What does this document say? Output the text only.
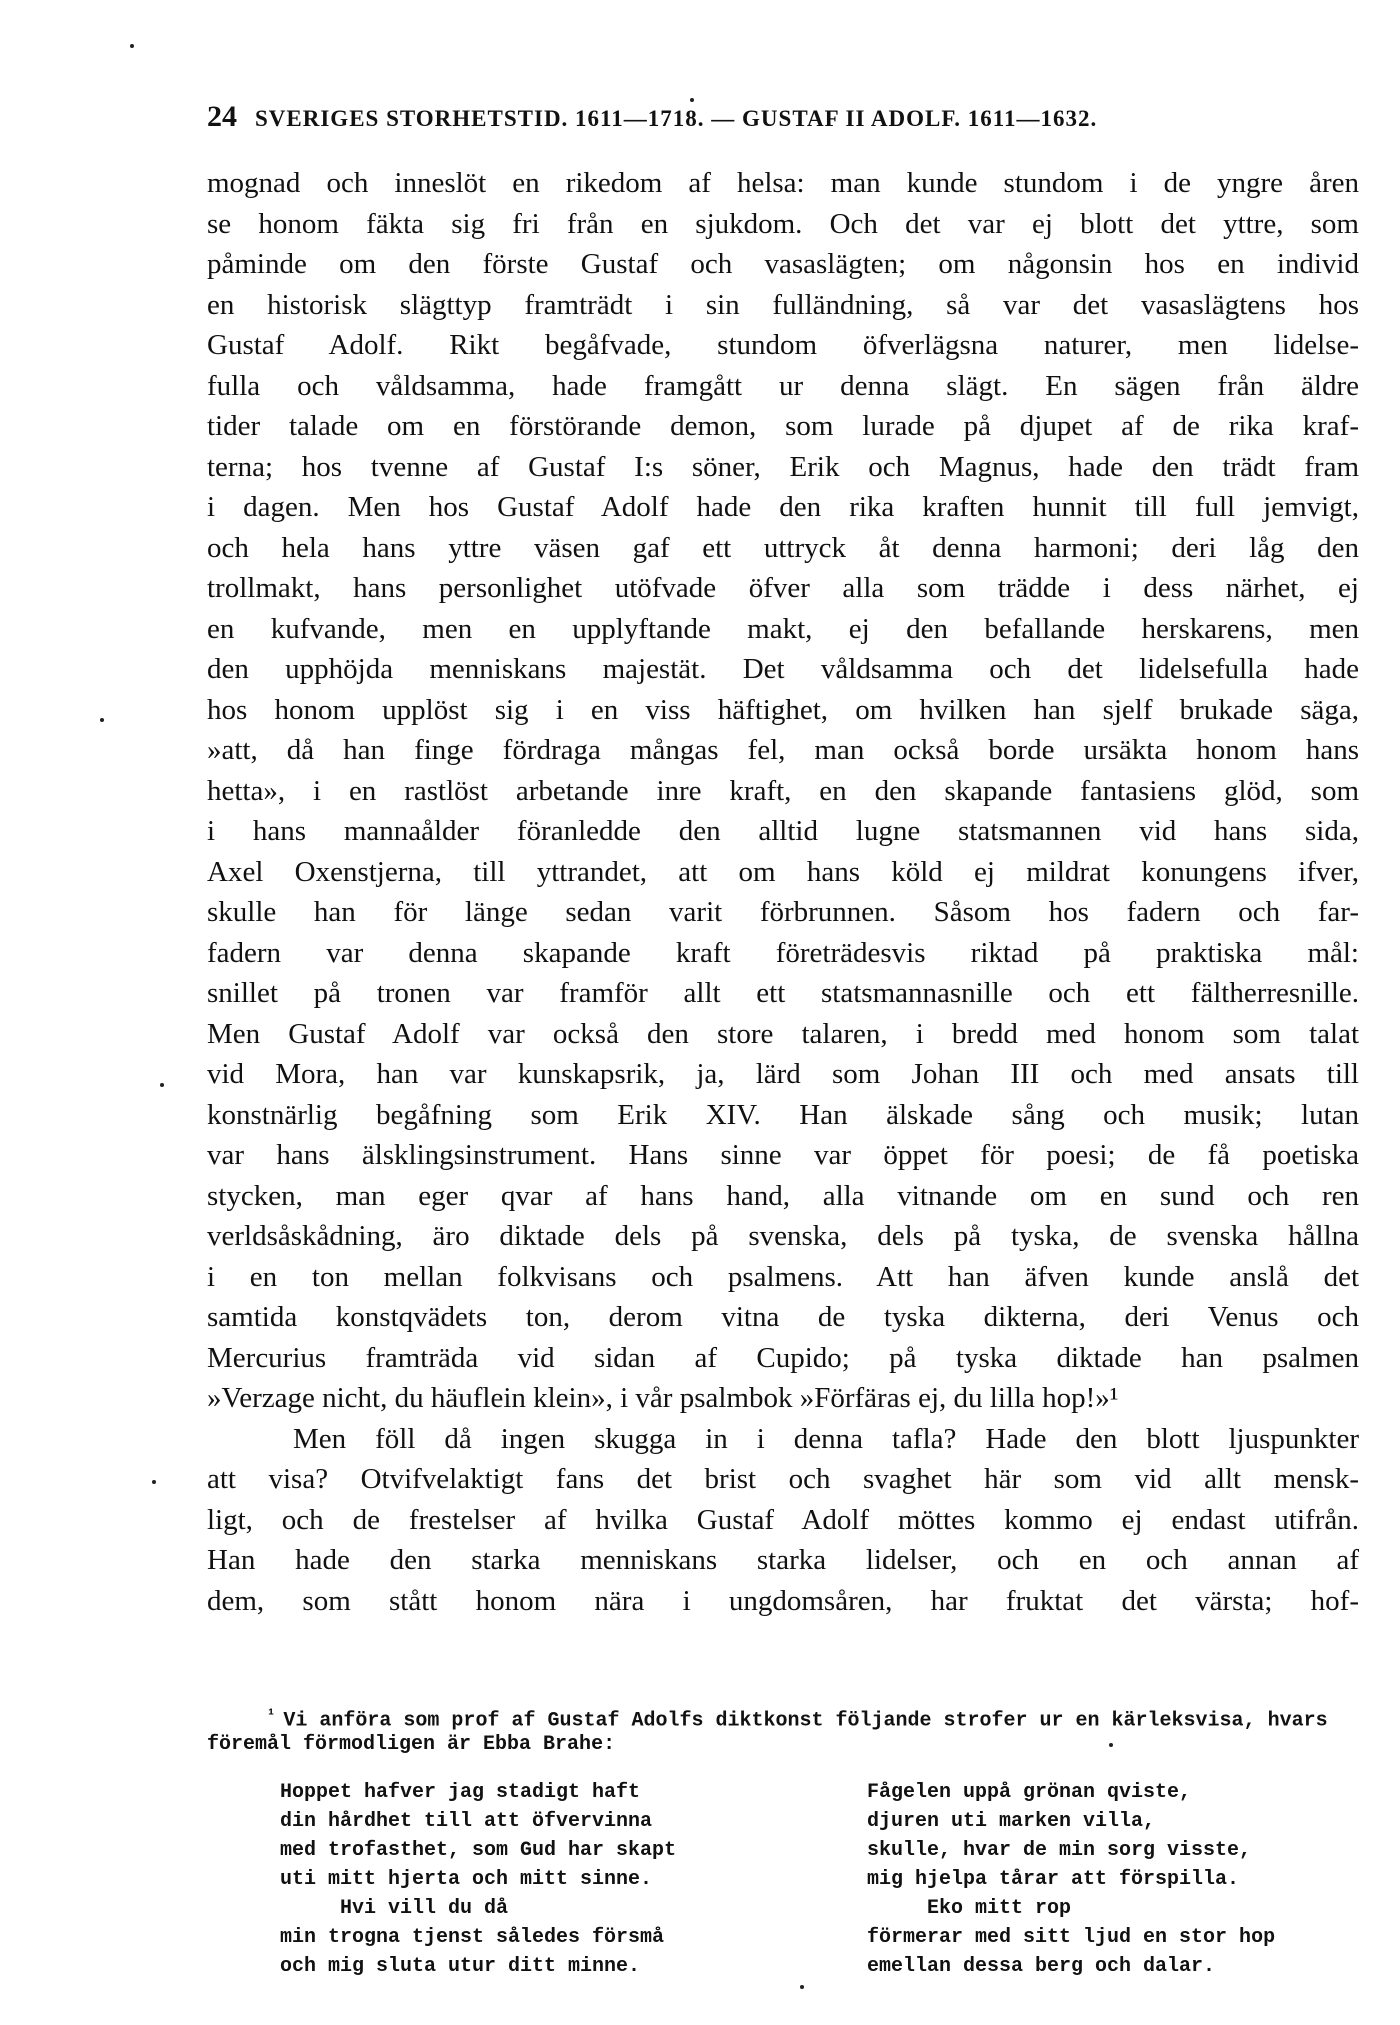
24 SVERIGES STORHETSTID. 1611—1718. — GUSTAF II ADOLF. 1611—1632.
mognad och inneslöt en rikedom af helsa: man kunde stundom i de yngre åren
se honom fäkta sig fri från en sjukdom. Och det var ej blott det yttre, som
påminde om den förste Gustaf och vasaslägten; om någonsin hos en individ
en historisk slägttyp framträdt i sin fulländning, så var det vasaslägtens hos
Gustaf Adolf. Rikt begåfvade, stundom öfverlägsna naturer, men lidelse-
fulla och våldsamma, hade framgått ur denna slägt. En sägen från äldre
tider talade om en förstörande demon, som lurade på djupet af de rika kraf-
terna; hos tvenne af Gustaf I:s söner, Erik och Magnus, hade den trädt fram
i dagen. Men hos Gustaf Adolf hade den rika kraften hunnit till full jemvigt,
och hela hans yttre väsen gaf ett uttryck åt denna harmoni; deri låg den
trollmakt, hans personlighet utöfvade öfver alla som trädde i dess närhet, ej
en kufvande, men en upplyftande makt, ej den befallande herskarens, men
den upphöjda menniskans majestät. Det våldsamma och det lidelsefulla hade
hos honom upplöst sig i en viss häftighet, om hvilken han sjelf brukade säga,
»att, då han finge fördraga mångas fel, man också borde ursäkta honom hans
hetta», i en rastlöst arbetande inre kraft, en den skapande fantasiens glöd, som
i hans mannaålder föranledde den alltid lugne statsmannen vid hans sida,
Axel Oxenstjerna, till yttrandet, att om hans köld ej mildrat konungens ifver,
skulle han för länge sedan varit förbrunnen. Såsom hos fadern och far-
fadern var denna skapande kraft företrädesvis riktad på praktiska mål:
snillet på tronen var framför allt ett statsmannasnille och ett fältherresnille.
Men Gustaf Adolf var också den store talaren, i bredd med honom som talat
vid Mora, han var kunskapsrik, ja, lärd som Johan III och med ansats till
konstnärlig begåfning som Erik XIV. Han älskade sång och musik; lutan
var hans älsklingsinstrument. Hans sinne var öppet för poesi; de få poetiska
stycken, man eger qvar af hans hand, alla vitnande om en sund och ren
verldsåskådning, äro diktade dels på svenska, dels på tyska, de svenska hållna
i en ton mellan folkvisans och psalmens. Att han äfven kunde anslå det
samtida konstqvädets ton, derom vitna de tyska dikterna, deri Venus och
Mercurius framträda vid sidan af Cupido; på tyska diktade han psalmen
»Verzage nicht, du häuflein klein», i vår psalmbok »Förfäras ej, du lilla hop!»¹
Men föll då ingen skugga in i denna tafla? Hade den blott ljuspunkter
att visa? Otvifvelaktigt fans det brist och svaghet här som vid allt mensk-
ligt, och de frestelser af hvilka Gustaf Adolf möttes kommo ej endast utifrån.
Han hade den starka menniskans starka lidelser, och en och annan af
dem, som stått honom nära i ungdomsåren, har fruktat det värsta; hof-
$^{^1}$ Vi anföra som prof af Gustaf Adolfs diktkonst följande strofer ur en kärleksvisa, hvars
föremål förmodligen är Ebba Brahe:
Hoppet hafver jag stadigt haft
din hårdhet till att öfvervinna
med trofasthet, som Gud har skapt
uti mitt hjerta och mitt sinne.
Hvi vill du då
min trogna tjenst således försmå
och mig sluta utur ditt minne.
Fågelen uppå grönan qviste,
djuren uti marken villa,
skulle, hvar de min sorg visste,
mig hjelpa tårar att förspilla.
Eko mitt rop
förmerar med sitt ljud en stor hop
emellan dessa berg och dalar.
